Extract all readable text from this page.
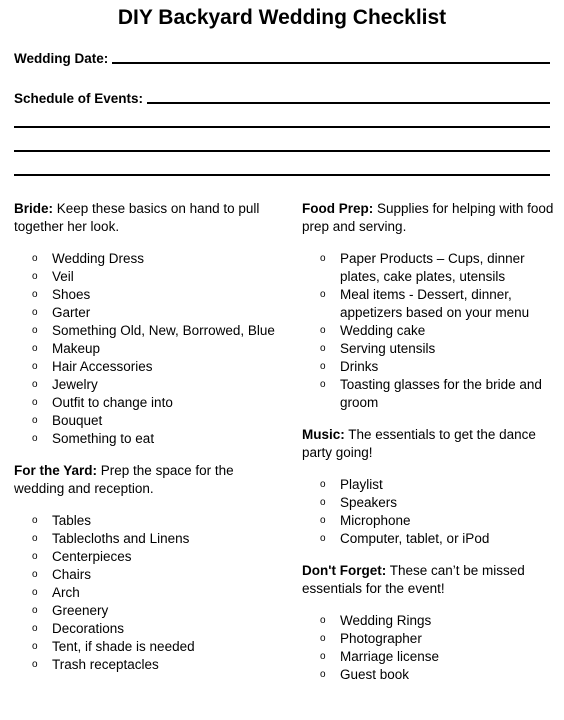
DIY Backyard Wedding Checklist
Wedding Date:
Schedule of Events:

Bride: Keep these basics on hand to pull together her look.

o Wedding Dress
o Veil
o Shoes
o Garter
o Something Old, New, Borrowed, Blue
o Makeup
o Hair Accessories
o Jewelry
o Outfit to change into
o Bouquet
o Something to eat

For the Yard: Prep the space for the wedding and reception.

o Tables
o Tablecloths and Linens
o Centerpieces
o Chairs
o Arch
o Greenery
o Decorations
o Tent, if shade is needed
o Trash receptacles

Food Prep: Supplies for helping with food prep and serving.

o Paper Products – Cups, dinner plates, cake plates, utensils
o Meal items - Dessert, dinner, appetizers based on your menu
o Wedding cake
o Serving utensils
o Drinks
o Toasting glasses for the bride and groom

Music: The essentials to get the dance party going!

o Playlist
o Speakers
o Microphone
o Computer, tablet, or iPod

Don't Forget: These can’t be missed essentials for the event!

o Wedding Rings
o Photographer
o Marriage license
o Guest book
